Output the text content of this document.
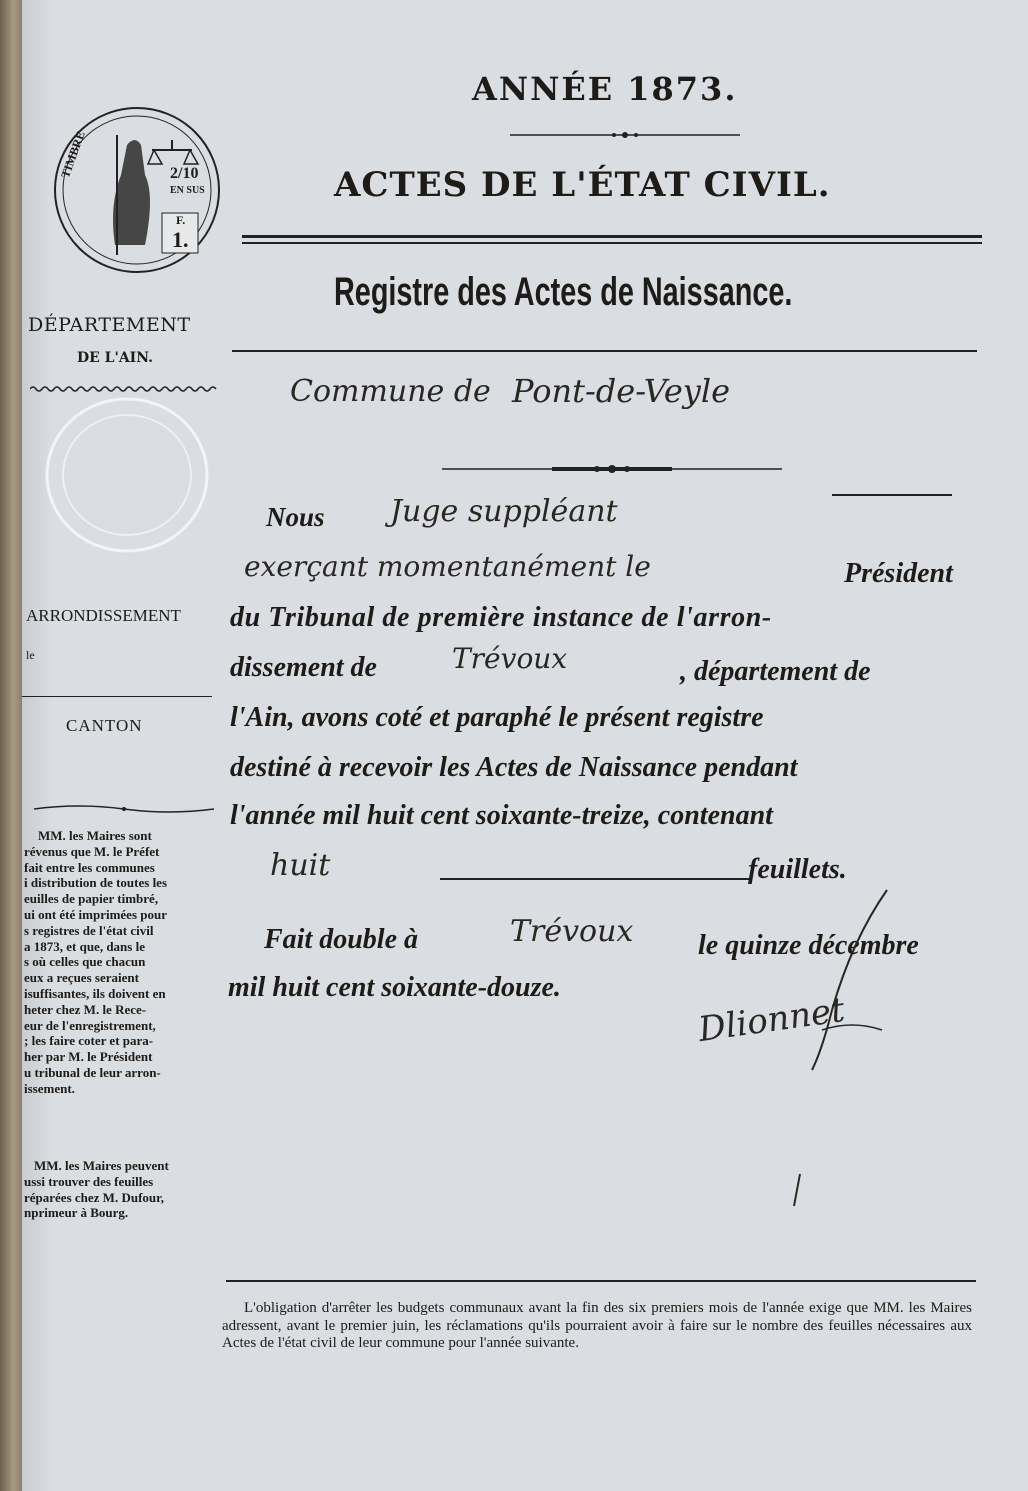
ANNÉE 1873.
ACTES DE L'ÉTAT CIVIL.
Registre des Actes de Naissance.
TIMBRE	2/10
EN SUS
F.
1.
DÉPARTEMENT
DE L'AIN.
ARRONDISSEMENT
le
CANTON
MM. les Maires sont
révenus que M. le Préfet
fait entre les communes
i distribution de toutes les
euilles de papier timbré,
ui ont été imprimées pour
s registres de l'état civil
a 1873, et que, dans le
s où celles que chacun
eux a reçues seraient
isuffisantes, ils doivent en
heter chez M. le Rece-
eur de l'enregistrement,
; les faire coter et para-
her par M. le Président
u tribunal de leur arron-
issement.
MM. les Maires peuvent
ussi trouver des feuilles
réparées chez M. Dufour,
nprimeur à Bourg.
Commune de Pont-de-Veyle
Nous Juge suppléant
exerçant momentanément le	Président
du Tribunal de première instance de l'arron-
dissement de	Trévoux	, département de
l'Ain, avons coté et paraphé le présent registre
destiné à recevoir les Actes de Naissance pendant
l'année mil huit cent soixante-treize, contenant
huit	feuillets.
Fait double à	Trévoux le quinze décembre
mil huit cent soixante-douze.
Dlionnet
L'obligation d'arrêter les budgets communaux avant la fin des six premiers mois de l'année exige que MM. les Maires adressent, avant le premier juin, les réclamations qu'ils pourraient avoir à faire sur le nombre des feuilles nécessaires aux Actes de l'état civil de leur commune pour l'année suivante.
